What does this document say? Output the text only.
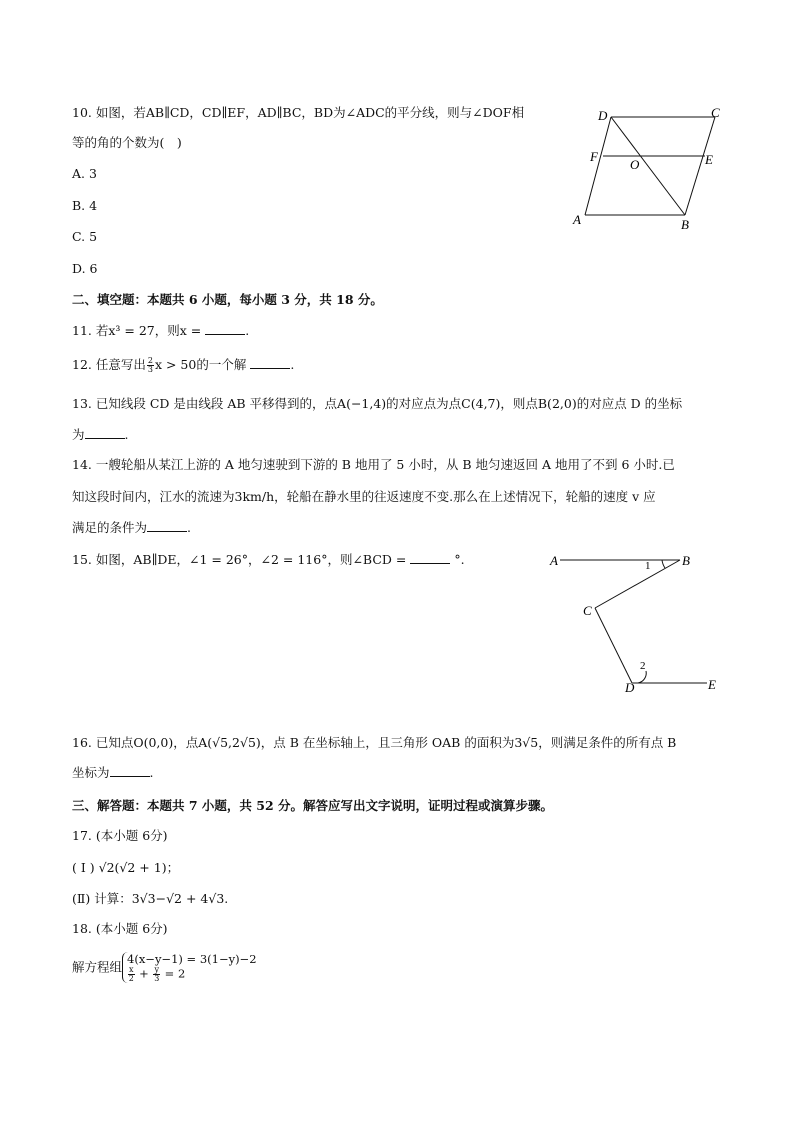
10. 如图，若AB∥CD，CD∥EF，AD∥BC，BD为∠ADC的平分线，则与∠DOF相
等的角的个数为(　)
A. 3
B. 4
C. 5
D. 6
D	C
F
O	E
A	B
二、填空题：本题共 6 小题，每小题 3 分，共 18 分。
11. 若x³ = 27，则x =	.
12. 任意写出 $\frac{2}{3}$ x > 50的一个解	.
13. 已知线段 CD 是由线段 AB 平移得到的，点A(−1,4)的对应点为点C(4,7)，则点B(2,0)的对应点 D 的坐标
为	.
14. 一艘轮船从某江上游的 A 地匀速驶到下游的 B 地用了 5 小时，从 B 地匀速返回 A 地用了不到 6 小时.已
知这段时间内，江水的流速为3km/h，轮船在静水里的往返速度不变.那么在上述情况下，轮船的速度 v 应
满足的条件为	.
15. 如图，AB∥DE，∠1 = 26°，∠2 = 116°，则∠BCD =	°.	A	1 B
C
2
D	E
16. 已知点O(0,0)，点A(√5,2√5)，点 B 在坐标轴上，且三角形 OAB 的面积为3√5，则满足条件的所有点 B
坐标为	.
三、解答题：本题共 7 小题，共 52 分。解答应写出文字说明，证明过程或演算步骤。
17. (本小题 6分)
( Ⅰ ) √2(√2 + 1)；
(Ⅱ) 计算：3√3−√2 + 4√3.
18. (本小题 6分)
解方程组
4(x−y−1) = 3(1−y)−2
$\frac{x}{2} + \frac{y}{3} = 2$
